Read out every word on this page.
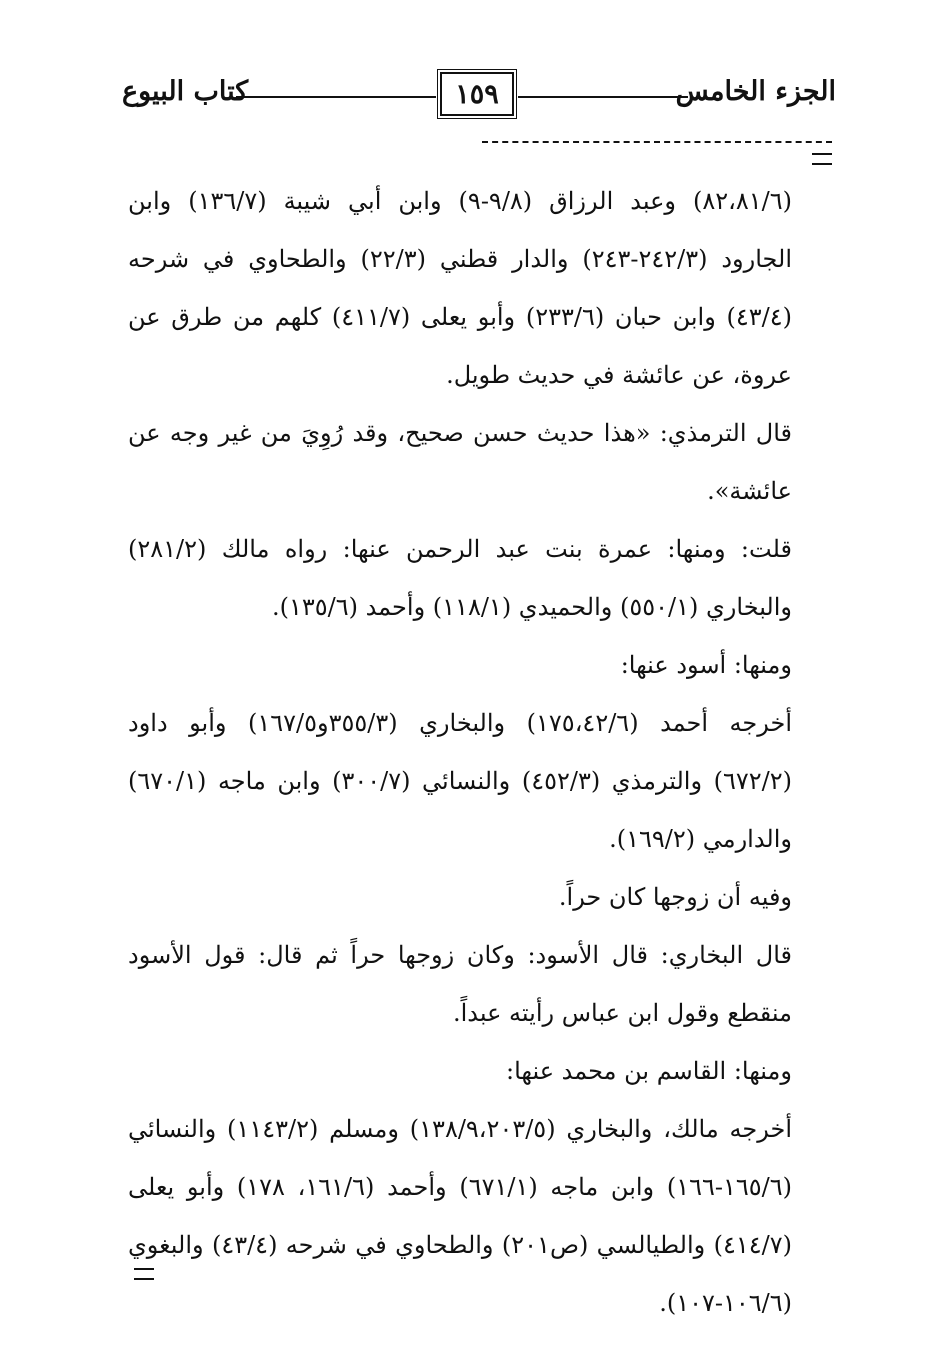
الجزء الخامس
١٥٩
كتاب البيوع

(٨٢،٨١/٦) وعبد الرزاق (٩/٨-٩) وابن أبي شيبة (١٣٦/٧) وابن الجارود (٢٤٢/٣-٢٤٣) والدار قطني (٢٢/٣) والطحاوي في شرحه (٤٣/٤) وابن حبان (٢٣٣/٦) وأبو يعلى (٤١١/٧) كلهم من طرق عن عروة، عن عائشة في حديث طويل.

قال الترمذي: «هذا حديث حسن صحيح، وقد رُوِيَ من غير وجه عن عائشة».

قلت: ومنها: عمرة بنت عبد الرحمن عنها: رواه مالك (٢٨١/٢) والبخاري (٥٥٠/١) والحميدي (١١٨/١) وأحمد (١٣٥/٦).

ومنها: أسود عنها:

أخرجه أحمد (١٧٥،٤٢/٦) والبخاري (٣٥٥/٣و١٦٧/٥) وأبو داود (٦٧٢/٢) والترمذي (٤٥٢/٣) والنسائي (٣٠٠/٧) وابن ماجه (٦٧٠/١) والدارمي (١٦٩/٢).

وفيه أن زوجها كان حراً.

قال البخاري: قال الأسود: وكان زوجها حراً ثم قال: قول الأسود منقطع وقول ابن عباس رأيته عبداً.

ومنها: القاسم بن محمد عنها:

أخرجه مالك، والبخاري (١٣٨/٩،٢٠٣/٥) ومسلم (١١٤٣/٢) والنسائي (١٦٥/٦-١٦٦) وابن ماجه (٦٧١/١) وأحمد (١٦١/٦، ١٧٨) وأبو يعلى (٤١٤/٧) والطيالسي (ص٢٠١) والطحاوي في شرحه (٤٣/٤) والبغوي (١٠٦/٦-١٠٧).
